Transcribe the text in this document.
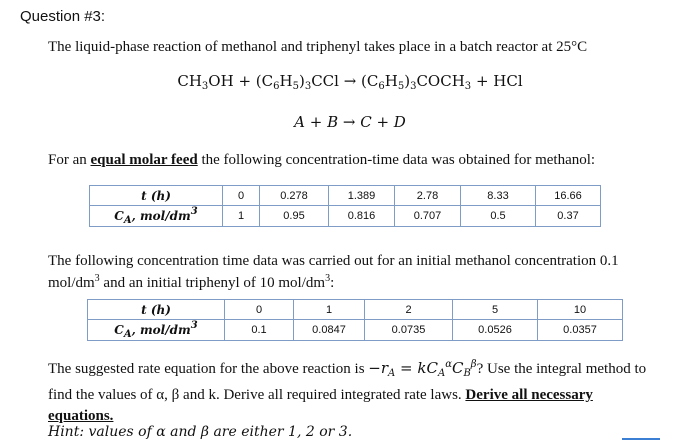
Question #3:
The liquid-phase reaction of methanol and triphenyl takes place in a batch reactor at 25°C
$CH_3OH + (C_6H_5)_3CCl$ → $(C_6H_5)_3COCH_3$ + HCl
A + B → C + D
For an equal molar feed the following concentration-time data was obtained for methanol:
t (h)	0	0.278	1.389	2.78	8.33	16.66
$C_A$, mol/$dm^3$	1	0.95	0.816	0.707	0.5	0.37
The following concentration time data was carried out for an initial methanol concentration 0.1
mol/$dm^3$ and an initial triphenyl of 10 mol/$dm^3$:
t (h)	0	1	2	5	10
$C_A$, mol/$dm^3$	0.1	0.0847	0.0735	0.0526	0.0357
The suggested rate equation for the above reaction is $-r_A = kC_A^\alpha C_B^\beta$? Use the integral method to
find the values of α, β and k. Derive all required integrated rate laws. Derive all necessary
equations.
Hint: values of α and β are either 1, 2 or 3.
